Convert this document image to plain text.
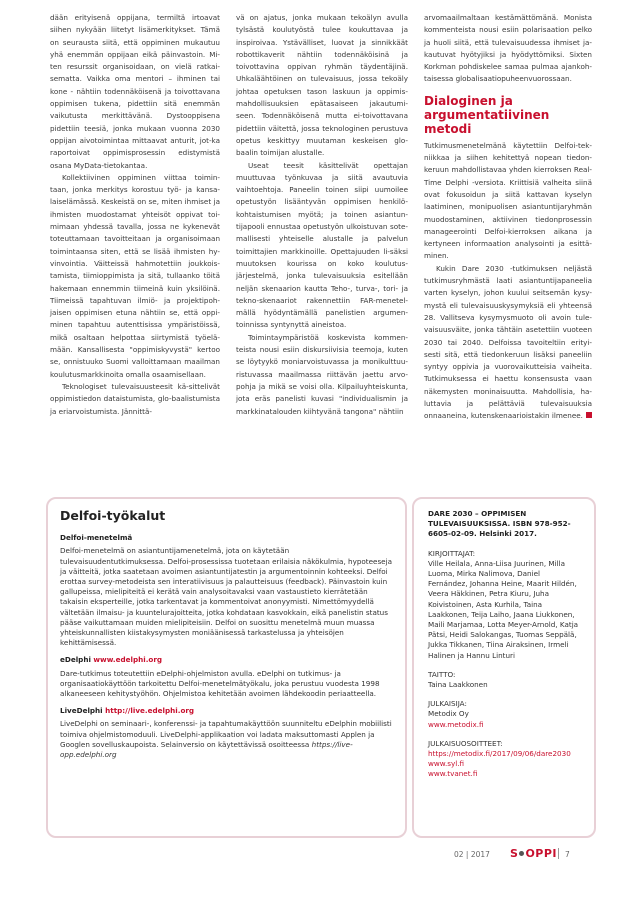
dään erityisenä oppijana, termiltä irtoavat siihen nykyään liitetyt lisämerkitykset. Tämä on seurausta siitä, että oppiminen mukautuu yhä enemmän oppijaan eikä päinvastoin. Mi-ten resurssit organisoidaan, on vielä ratkai-sematta. Vaikka oma mentori – ihminen tai kone - nähtiin todennäköisenä ja toivottavana oppimisen tukena, pidettiin sitä enemmän vaikutusta merkittävänä. Dystooppisena pidettiin teesiä, jonka mukaan vuonna 2030 oppijan aivotoimintaa mittaavat anturit, jot-ka raportoivat oppimisprosessin edistymistä osana MyData-tietokantaa.

Kollektiivinen oppiminen viittaa toimin-taan, jonka merkitys korostuu työ- ja kansa-laiselämässä. Keskeistä on se, miten ihmiset ja ihmisten muodostamat yhteisöt oppivat toi-mimaan yhdessä tavalla, jossa ne kykenevät toteuttamaan tavoitteitaan ja organisoimaan toimintaansa siten, että se lisää ihmisten hy-vinvointia. Väitteissä hahmotettiin joukkois-tamista, tiimioppimista ja sitä, tullaanko töitä hakemaan ennemmin tiimeinä kuin yksilöinä. Tiimeissä tapahtuvan ilmiö- ja projektipoh-jaisen oppimisen etuna nähtiin se, että oppi-minen tapahtuu autenttisissa ympäristöissä, mikä osaltaan helpottaa siirtymistä työelä-mään. Kansallisesta "oppimiskyvystä" kertoo se, onnistuuko Suomi valloittamaan maailman koulutusmarkkinoita omalla osaamisellaan.

Teknologiset tulevaisuusteesit kä-sittelivät oppimistiedon dataistumista, glo-baalistumista ja eriarvoistumista. Jännittä-

vä on ajatus, jonka mukaan tekoälyn avulla tylsästä koulutyöstä tulee koukuttavaa ja inspiroivaa. Ystävälliset, luovat ja sinnikkäät robottikaverit nähtiin todennäköisinä ja toivottavina oppivan ryhmän täydentäjinä. Uhkaläähtöinen on tulevaisuus, jossa tekoäly johtaa opetuksen tason laskuun ja oppimis-mahdollisuuksien epätasaiseen jakautumi-seen. Todennäköisenä mutta ei-toivottavana pidettiin väitettä, jossa teknologinen perustuva opetus keskittyy muutaman keskeisen glo-baalin toimijan alustalle.

Useat teesit käsittelivät opettajan muuttuvaa työnkuvaa ja siitä avautuvia vaihtoehtoja. Paneelin toinen siipi uumoilee opetustyön lisääntyvän oppimisen henkilö-kohtaistumisen myötä; ja toinen asiantun-tijapooli ennustaa opetustyön ulkoistuvan sote-mallisesti yhteiselle alustalle ja palvelun toimittajien markkinoille. Opettajuuden li-säksi muutoksen kourissa on koko koulutus-järjestelmä, jonka tulevaisuuksia esitellään neljän skenaarion kautta Teho-, turva-, tori- ja tekno-skenaariot rakennettiin FAR-menetel-mällä hyödyntämällä panelistien argumen-toinnissa syntynyttä aineistoa.

Toimintaympäristöä koskevista kommen-teista nousi esiin diskursiivisia teemoja, kuten se löytyykö moniarvoistuvassa ja monikulttuu-ristuvassa maailmassa riittävän jaettu arvo-pohja ja mikä se voisi olla. Kilpailuyhteiskunta, jota eräs panelisti kuvasi "individualismin ja markkinatalouden kiihtyvänä tangona" nähtiin

arvomaailmaltaan kestämättömänä. Monista kommenteista nousi esiin polarisaation pelko ja huoli siitä, että tulevaisuudessa ihmiset ja-kautuvat hyötyjiksi ja hyödyttömiksi. Sixten Korkman pohdiskelee samaa pulmaa ajankoh-taisessa globalisaatiopuheenvuorossaan.

Dialoginen ja argumentatiivinen metodi

Tutkimusmenetelmänä käytettiin Delfoi-tek-niikkaa ja siihen kehitettyä nopean tiedon-keruun mahdollistavaa yhden kierroksen Real-Time Delphi -versiota. Kriittisiä valheita siinä ovat fokusoidun ja siitä kattavan kyselyn laatiminen, monipuolisen asiantuntijaryhmän muodostaminen, aktiivinen tiedonprosessin manageerointi Delfoi-kierroksen aikana ja kertyneen informaation analysointi ja esittä-minen.

Kukin Dare 2030 -tutkimuksen neljästä tutkimusryhmästä laati asiantuntijapaneelia varten kyselyn, johon kuului seitsemän kysy-mystä eli tulevaisuuskysymyksiä eli yhteensä 28. Vallitseva kysymysmuoto oli avoin tule-vaisuusväite, jonka tähtäin asetettiin vuoteen 2030 tai 2040. Delfoissa tavoiteltiin erityi-sesti sitä, että tiedonkeruun lisäksi paneeliin syntyy oppivia ja vuorovaikutteisia vaiheita. Tutkimuksessa ei haettu konsensusta vaan näkemysten moninaisuutta. Mahdollisia, ha-luttavia ja pelättäviä tulevaisuuksia onnaaneina, kutenskenaarioistakin ilmenee.

Delfoi-työkalut
Delfoi-menetelmä

Delfoi-menetelmä on asiantuntijamenetelmä, jota on käytetään tulevaisuudentutkimuksessa. Delfoi-prosessissa tuotetaan erilaisia näkökulmia, hypoteeseja ja väitteitä, jotka saatetaan avoimen asiantuntijatestin ja argumentoinnin kohteeksi. Delfoi erottaa survey-metodeista sen interatiivisuus ja palautteisuus (feedback). Päinvastoin kuin gallupeissa, mielipiteitä ei kerätä vain analysoitavaksi vaan vastaustieto kierrätetään takaisin eksperteille, jotka tarkentavat ja kommentoivat anonyymisti. Nimettömyydellä vältetään ilmaisu- ja kuuntelurajoitteita, jotka kohdataan kasvokkain, eikä panelistin status pääse vaikuttamaan muiden mielipiteisiin. Delfoi on suosittu menetelmä muun muassa yhteiskunnallisten kiistakysymysten moniäänisessä tarkastelussa ja yhteisöjen kehittämisessä.

eDelphi www.edelphi.org

Dare-tutkimus toteutettiin eDelphi-ohjelmiston avulla. eDelphi on tutkimus- ja organisaatiokäyttöön tarkoitettu Delfoi-menetelmätyökalu, joka perustuu vuodesta 1998 alkaneeseen kehitystyöhön. Ohjelmistoa kehitetään avoimen lähdekoodin periaatteella.

LiveDelphi http://live.edelphi.org

LiveDelphi on seminaari-, konferenssi- ja tapahtumakäyttöön suunniteltu eDelphin mobiilisti toimiva ohjelmistomoduuli. LiveDelphi-applikaation voi ladata maksuttomasti Applen ja Googlen sovelluskaupoista. Selainversio on käytettävissä osoitteessa https://live-opp.edelphi.org

DARE 2030 – OPPIMISEN TULEVAISUUKSISSA. ISBN 978-952-6605-02-09. Helsinki 2017.

KIRJOITTAJAT:
Ville Heilala, Anna-Liisa Juurinen, Milla Luoma, Mirka Nalimova, Daniel Fernández, Johanna Heine, Maarit Hildén, Veera Häkkinen, Petra Kiuru, Juha Koivistoinen, Asta Kurhila, Taina Laakkonen, Teija Laiho, Jaana Liukkonen, Maili Marjamaa, Lotta Meyer-Arnold, Katja Pätsi, Heidi Salokangas, Tuomas Seppälä, Jukka Tikkanen, Tiina Airaksinen, Irmeli Halinen ja Hannu Linturi

TAITTO:
Taina Laakkonen

JULKAISIJA:
Metodix Oy
www.metodix.fi

JULKAISUOSOITTEET:
https://metodix.fi/2017/09/06/dare2030
www.syl.fi
www.tvanet.fi

02 | 2017 S OPPI 7
